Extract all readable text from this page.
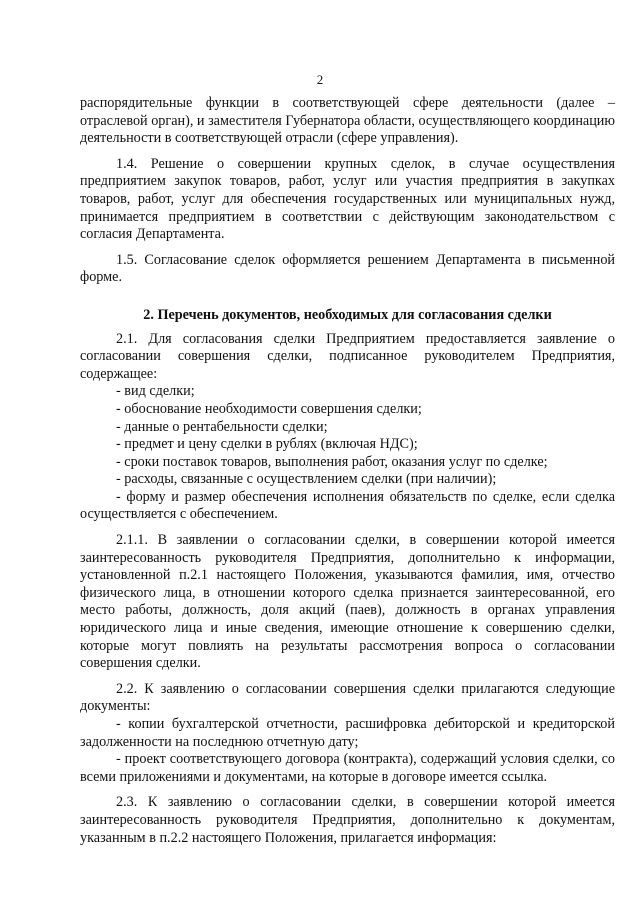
2

распорядительные функции в соответствующей сфере деятельности (далее – отраслевой орган), и заместителя Губернатора области, осуществляющего координацию деятельности в соответствующей отрасли (сфере управления).

1.4. Решение о совершении крупных сделок, в случае осуществления предприятием закупок товаров, работ, услуг или участия предприятия в закупках товаров, работ, услуг для обеспечения государственных или муниципальных нужд, принимается предприятием в соответствии с действующим законодательством с согласия Департамента.

1.5. Согласование сделок оформляется решением Департамента в письменной форме.

2. Перечень документов, необходимых для согласования сделки

2.1. Для согласования сделки Предприятием предоставляется заявление о согласовании совершения сделки, подписанное руководителем Предприятия, содержащее:

- вид сделки;

- обоснование необходимости совершения сделки;

- данные о рентабельности сделки;

- предмет и цену сделки в рублях (включая НДС);

- сроки поставок товаров, выполнения работ, оказания услуг по сделке;

- расходы, связанные с осуществлением сделки (при наличии);

- форму и размер обеспечения исполнения обязательств по сделке, если сделка осуществляется с обеспечением.

2.1.1. В заявлении о согласовании сделки, в совершении которой имеется заинтересованность руководителя Предприятия, дополнительно к информации, установленной п.2.1 настоящего Положения, указываются фамилия, имя, отчество физического лица, в отношении которого сделка признается заинтересованной, его место работы, должность, доля акций (паев), должность в органах управления юридического лица и иные сведения, имеющие отношение к совершению сделки, которые могут повлиять на результаты рассмотрения вопроса о согласовании совершения сделки.

2.2. К заявлению о согласовании совершения сделки прилагаются следующие документы:

- копии бухгалтерской отчетности, расшифровка дебиторской и кредиторской задолженности на последнюю отчетную дату;

- проект соответствующего договора (контракта), содержащий условия сделки, со всеми приложениями и документами, на которые в договоре имеется ссылка.

2.3. К заявлению о согласовании сделки, в совершении которой имеется заинтересованность руководителя Предприятия, дополнительно к документам, указанным в п.2.2 настоящего Положения, прилагается информация:
